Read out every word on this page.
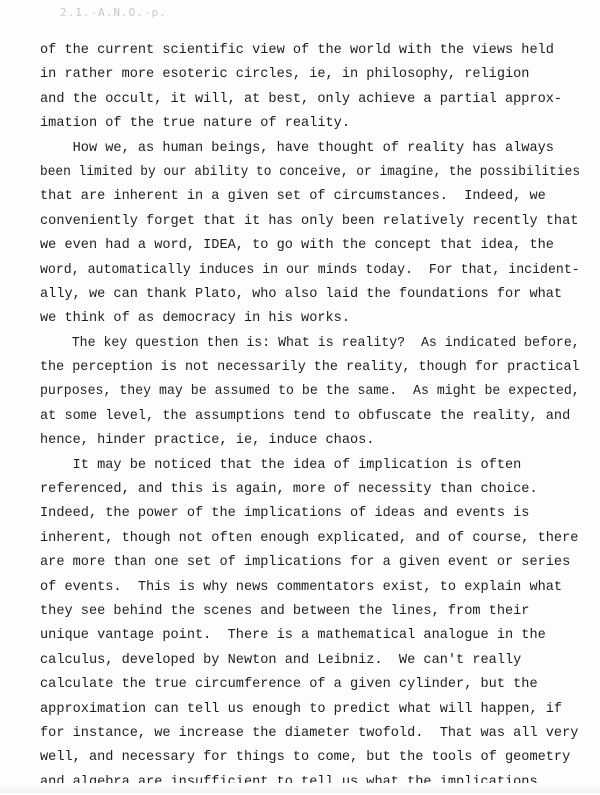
2.1.-A.N.O.-p.
of the current scientific view of the world with the views held
in rather more esoteric circles, ie, in philosophy, religion
and the occult, it will, at best, only achieve a partial approx-
imation of the true nature of reality.
How we, as human beings, have thought of reality has always
been limited by our ability to conceive, or imagine, the possibilities
that are inherent in a given set of circumstances.  Indeed, we
conveniently forget that it has only been relatively recently that
we even had a word, IDEA, to go with the concept that idea, the
word, automatically induces in our minds today.  For that, incident-
ally, we can thank Plato, who also laid the foundations for what
we think of as democracy in his works.
The key question then is: What is reality?  As indicated before,
the perception is not necessarily the reality, though for practical
purposes, they may be assumed to be the same.  As might be expected,
at some level, the assumptions tend to obfuscate the reality, and
hence, hinder practice, ie, induce chaos.
It may be noticed that the idea of implication is often
referenced, and this is again, more of necessity than choice.
Indeed, the power of the implications of ideas and events is
inherent, though not often enough explicated, and of course, there
are more than one set of implications for a given event or series
of events.  This is why news commentators exist, to explain what
they see behind the scenes and between the lines, from their
unique vantage point.  There is a mathematical analogue in the
calculus, developed by Newton and Leibniz.  We can't really
calculate the true circumference of a given cylinder, but the
approximation can tell us enough to predict what will happen, if
for instance, we increase the diameter twofold.  That was all very
well, and necessary for things to come, but the tools of geometry
